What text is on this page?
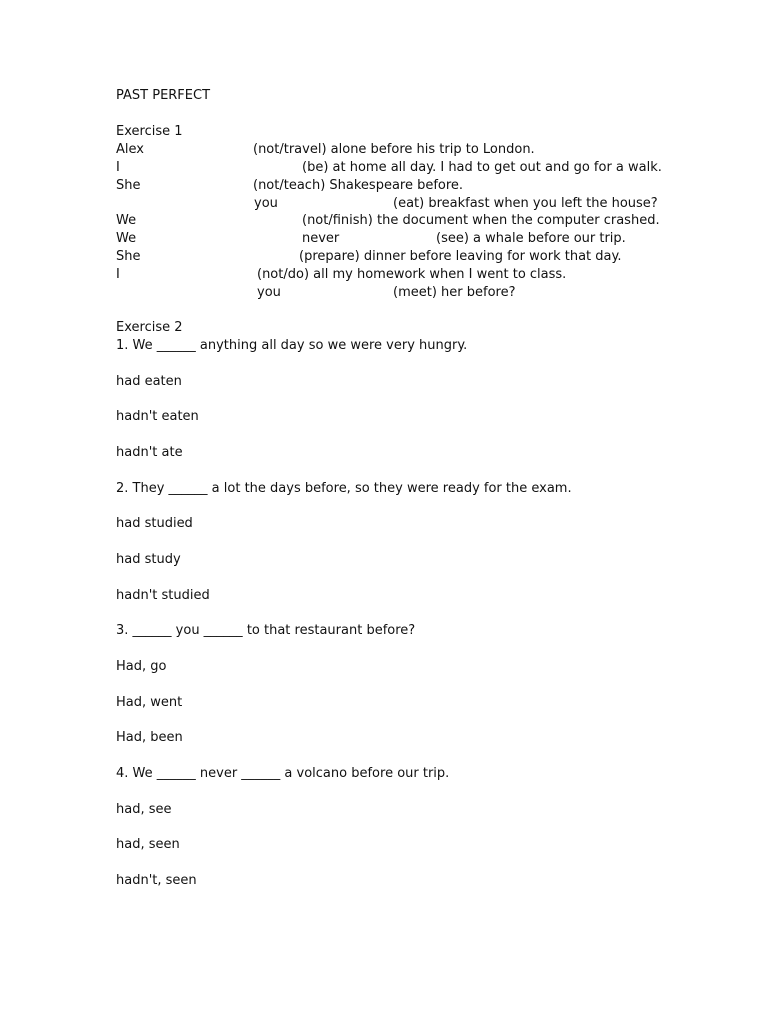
PAST PERFECT
Exercise 1
Alex	(not/travel) alone before his trip to London.
I	(be) at home all day. I had to get out and go for a walk.
She	(not/teach) Shakespeare before.
you	(eat) breakfast when you left the house?
We	(not/finish) the document when the computer crashed.
We	never	(see) a whale before our trip.
She	(prepare) dinner before leaving for work that day.
I	(not/do) all my homework when I went to class.
you	(meet) her before?
Exercise 2
1. We ______ anything all day so we were very hungry.
had eaten
hadn't eaten
hadn't ate
2. They ______ a lot the days before, so they were ready for the exam.
had studied
had study
hadn't studied
3. ______ you ______ to that restaurant before?
Had, go
Had, went
Had, been
4. We ______ never ______ a volcano before our trip.
had, see
had, seen
hadn't, seen
